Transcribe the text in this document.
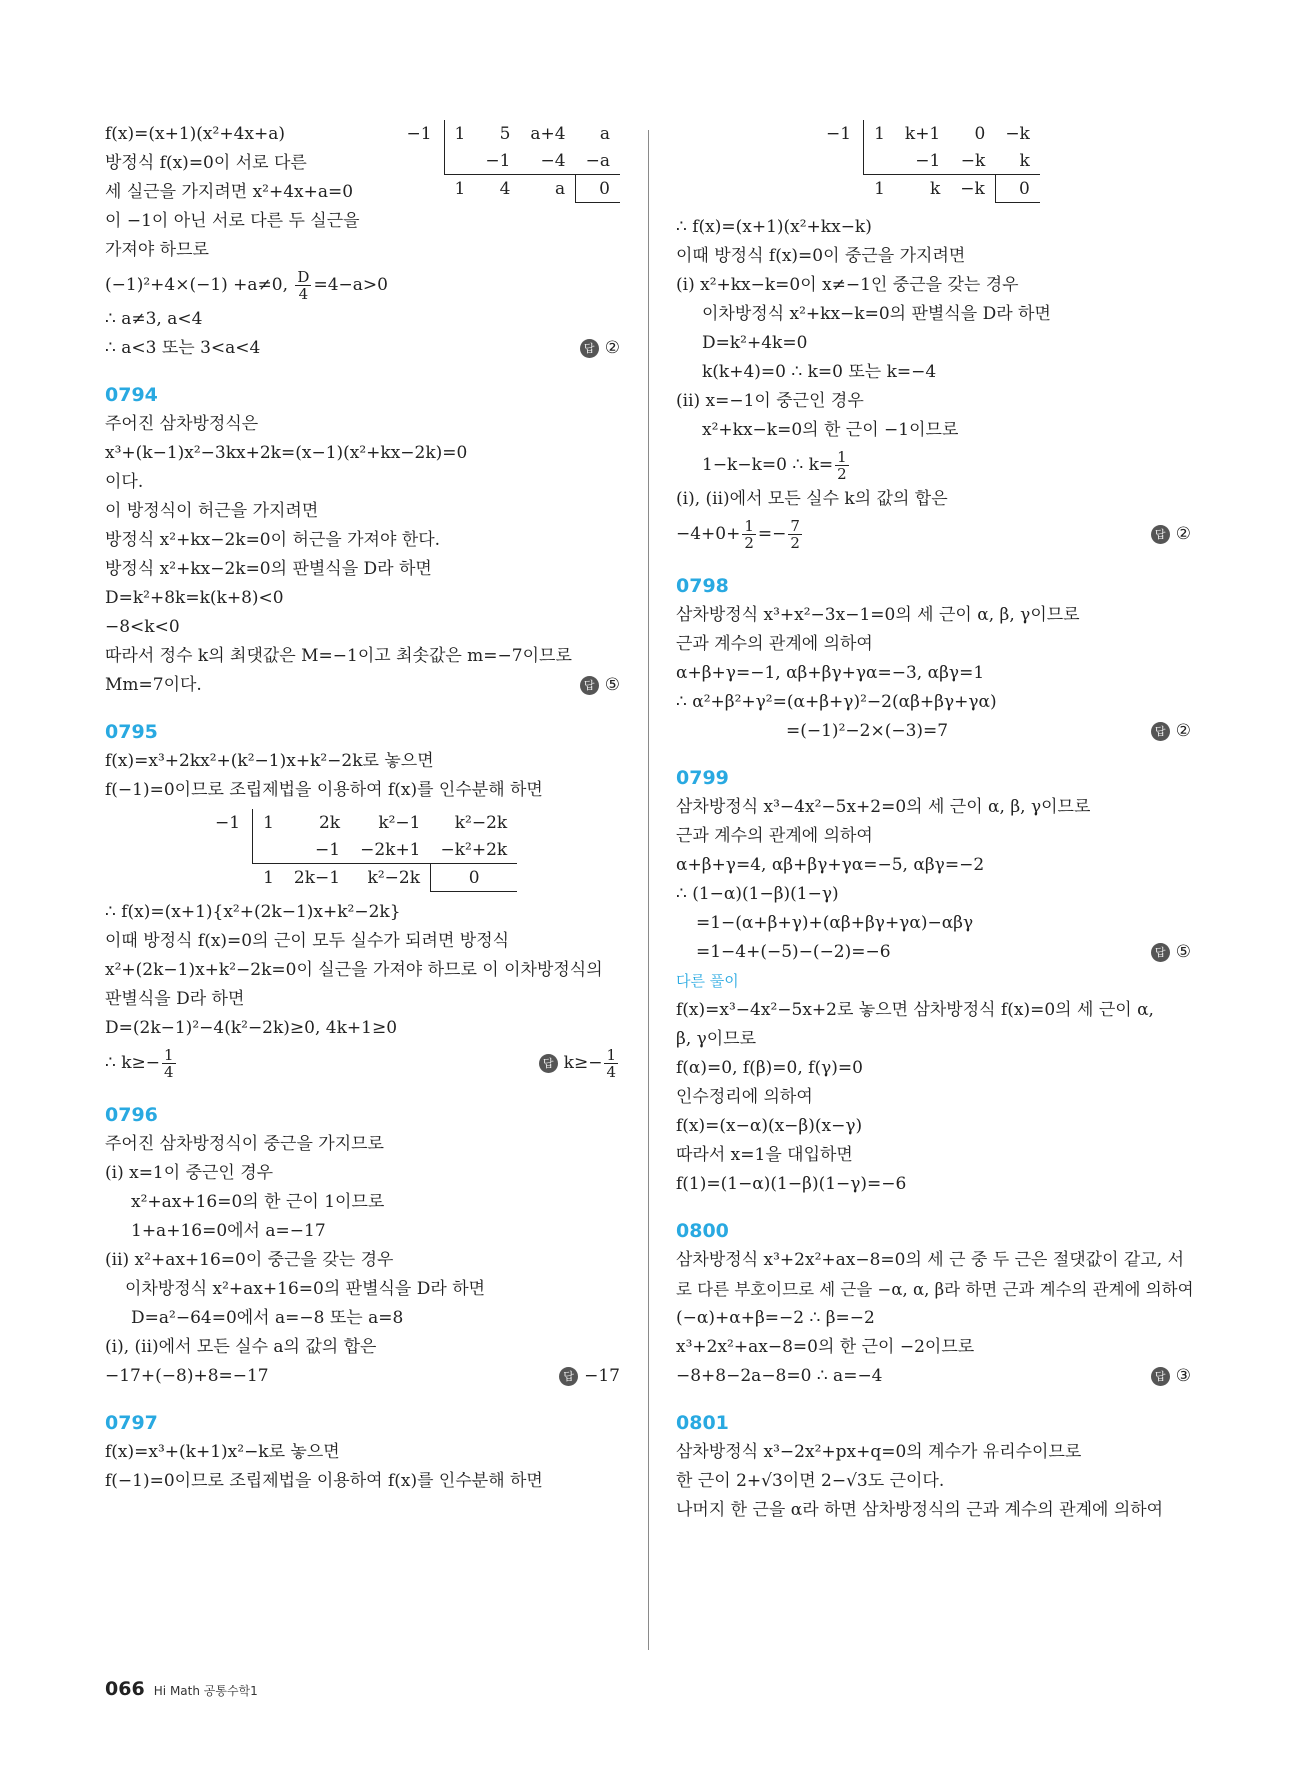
−1	1	5	a+4	a
		−1	−4	−a
	1	4	a	0
f(x)=(x+1)(x²+4x+a)
방정식 f(x)=0이 서로 다른
세 실근을 가지려면 x²+4x+a=0
이 −1이 아닌 서로 다른 두 실근을
가져야 하므로
(−1)²+4×(−1) +a≠0, $\frac{D}{4} =4-a>0$
∴ a≠3, a<4
∴ a<3 또는 3<a<4	답 ②
0794
주어진 삼차방정식은
x³+(k−1)x²−3kx+2k=(x−1)(x²+kx−2k)=0
이다.
이 방정식이 허근을 가지려면
방정식 x²+kx−2k=0이 허근을 가져야 한다.
방정식 x²+kx−2k=0의 판별식을 D라 하면
D=k²+8k=k(k+8)<0
−8<k<0
따라서 정수 k의 최댓값은 M=−1이고 최솟값은 m=−7이므로
Mm=7이다.	답 ⑤
0795
f(x)=x³+2kx²+(k²−1)x+k²−2k로 놓으면
f(−1)=0이므로 조립제법을 이용하여 f(x)를 인수분해 하면
−1	1	2k	k²−1	k²−2k
		−1	−2k+1	−k²+2k
	1	2k−1	k²−2k	0
∴ f(x)=(x+1){x²+(2k−1)x+k²−2k}
이때 방정식 f(x)=0의 근이 모두 실수가 되려면 방정식
x²+(2k−1)x+k²−2k=0이 실근을 가져야 하므로 이 이차방정식의
판별식을 D라 하면
D=(2k−1)²−4(k²−2k)≥0, 4k+1≥0
∴ $k\ge- \frac{1}{4}$	답 $k\ge- \frac{1}{4}$
0796
주어진 삼차방정식이 중근을 가지므로
(ⅰ) x=1이 중근인 경우
x²+ax+16=0의 한 근이 1이므로
1+a+16=0에서 a=−17
(ⅱ) x²+ax+16=0이 중근을 갖는 경우
이차방정식 x²+ax+16=0의 판별식을 D라 하면
D=a²−64=0에서 a=−8 또는 a=8
(ⅰ), (ⅱ)에서 모든 실수 a의 값의 합은
−17+(−8)+8=−17	답 −17
0797
f(x)=x³+(k+1)x²−k로 놓으면
f(−1)=0이므로 조립제법을 이용하여 f(x)를 인수분해 하면
−1	1	k+1	0	−k
		−1	−k	k
	1	k	−k	0
∴ f(x)=(x+1)(x²+kx−k)
이때 방정식 f(x)=0이 중근을 가지려면
(ⅰ) x²+kx−k=0이 x≠−1인 중근을 갖는 경우
이차방정식 x²+kx−k=0의 판별식을 D라 하면
D=k²+4k=0
k(k+4)=0 ∴ k=0 또는 k=−4
(ⅱ) x=−1이 중근인 경우
x²+kx−k=0의 한 근이 −1이므로
1−k−k=0 ∴ $k= \frac{1}{2}$
(ⅰ), (ⅱ)에서 모든 실수 k의 값의 합은
$-4+0+ \frac{1}{2} =- \frac{7}{2}$	답 ②
0798
삼차방정식 x³+x²−3x−1=0의 세 근이 α, β, γ이므로
근과 계수의 관계에 의하여
α+β+γ=−1, αβ+βγ+γα=−3, αβγ=1
∴ α²+β²+γ²=(α+β+γ)²−2(αβ+βγ+γα)
=(−1)²−2×(−3)=7	답 ②
0799
삼차방정식 x³−4x²−5x+2=0의 세 근이 α, β, γ이므로
근과 계수의 관계에 의하여
α+β+γ=4, αβ+βγ+γα=−5, αβγ=−2
∴ (1−α)(1−β)(1−γ)
=1−(α+β+γ)+(αβ+βγ+γα)−αβγ
=1−4+(−5)−(−2)=−6	답 ⑤
다른 풀이
f(x)=x³−4x²−5x+2로 놓으면 삼차방정식 f(x)=0의 세 근이 α,
β, γ이므로
f(α)=0, f(β)=0, f(γ)=0
인수정리에 의하여
f(x)=(x−α)(x−β)(x−γ)
따라서 x=1을 대입하면
f(1)=(1−α)(1−β)(1−γ)=−6
0800
삼차방정식 x³+2x²+ax−8=0의 세 근 중 두 근은 절댓값이 같고, 서
로 다른 부호이므로 세 근을 −α, α, β라 하면 근과 계수의 관계에 의하여
(−α)+α+β=−2 ∴ β=−2
x³+2x²+ax−8=0의 한 근이 −2이므로
−8+8−2a−8=0 ∴ a=−4	답 ③
0801
삼차방정식 x³−2x²+px+q=0의 계수가 유리수이므로
한 근이 2+√3이면 2−√3도 근이다.
나머지 한 근을 α라 하면 삼차방정식의 근과 계수의 관계에 의하여
066 Hi Math 공통수학1
